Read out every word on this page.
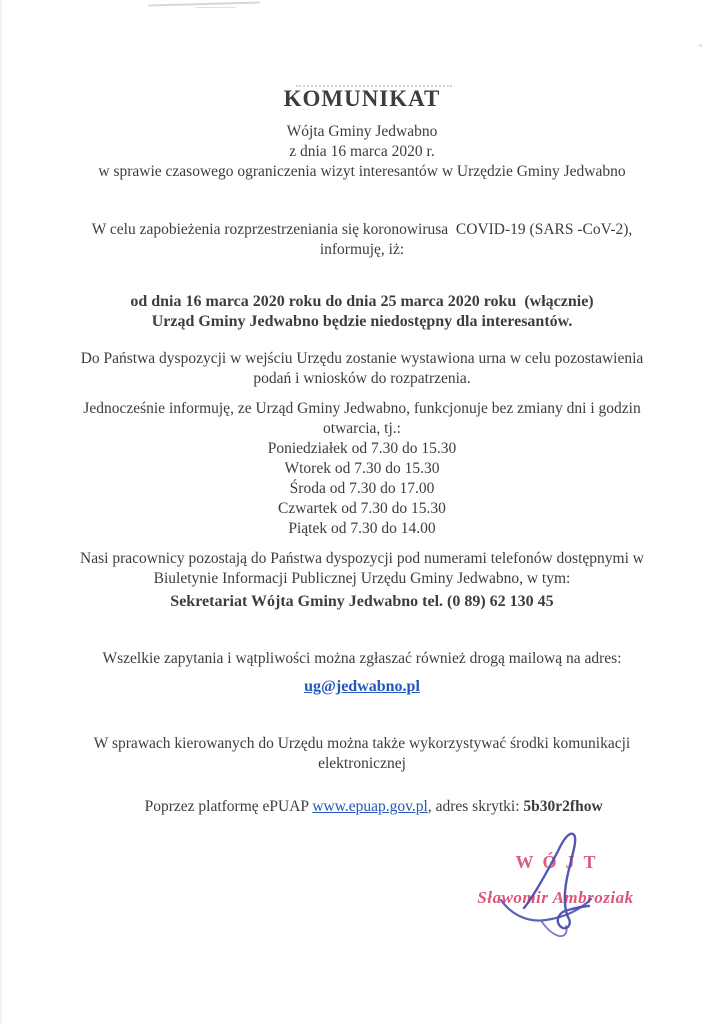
KOMUNIKAT
Wójta Gminy Jedwabno
z dnia 16 marca 2020 r.
w sprawie czasowego ograniczenia wizyt interesantów w Urzędzie Gminy Jedwabno
W celu zapobieżenia rozprzestrzeniania się koronowirusa  COVID-19 (SARS -CoV-2),
informuję, iż:
od dnia 16 marca 2020 roku do dnia 25 marca 2020 roku  (włącznie)
Urząd Gminy Jedwabno będzie niedostępny dla interesantów.
Do Państwa dyspozycji w wejściu Urzędu zostanie wystawiona urna w celu pozostawienia
podań i wniosków do rozpatrzenia.
Jednocześnie informuję, ze Urząd Gminy Jedwabno, funkcjonuje bez zmiany dni i godzin
otwarcia, tj.:
Poniedziałek od 7.30 do 15.30
Wtorek od 7.30 do 15.30
Środa od 7.30 do 17.00
Czwartek od 7.30 do 15.30
Piątek od 7.30 do 14.00
Nasi pracownicy pozostają do Państwa dyspozycji pod numerami telefonów dostępnymi w
Biuletynie Informacji Publicznej Urzędu Gminy Jedwabno, w tym:
Sekretariat Wójta Gminy Jedwabno tel. (0 89) 62 130 45
Wszelkie zapytania i wątpliwości można zgłaszać również drogą mailową na adres:
ug@jedwabno.pl
W sprawach kierowanych do Urzędu można także wykorzystywać środki komunikacji
elektronicznej

Poprzez platformę ePUAP www.epuap.gov.pl, adres skrytki: 5b30r2fhow

WÓJT
Sławomir Ambroziak
